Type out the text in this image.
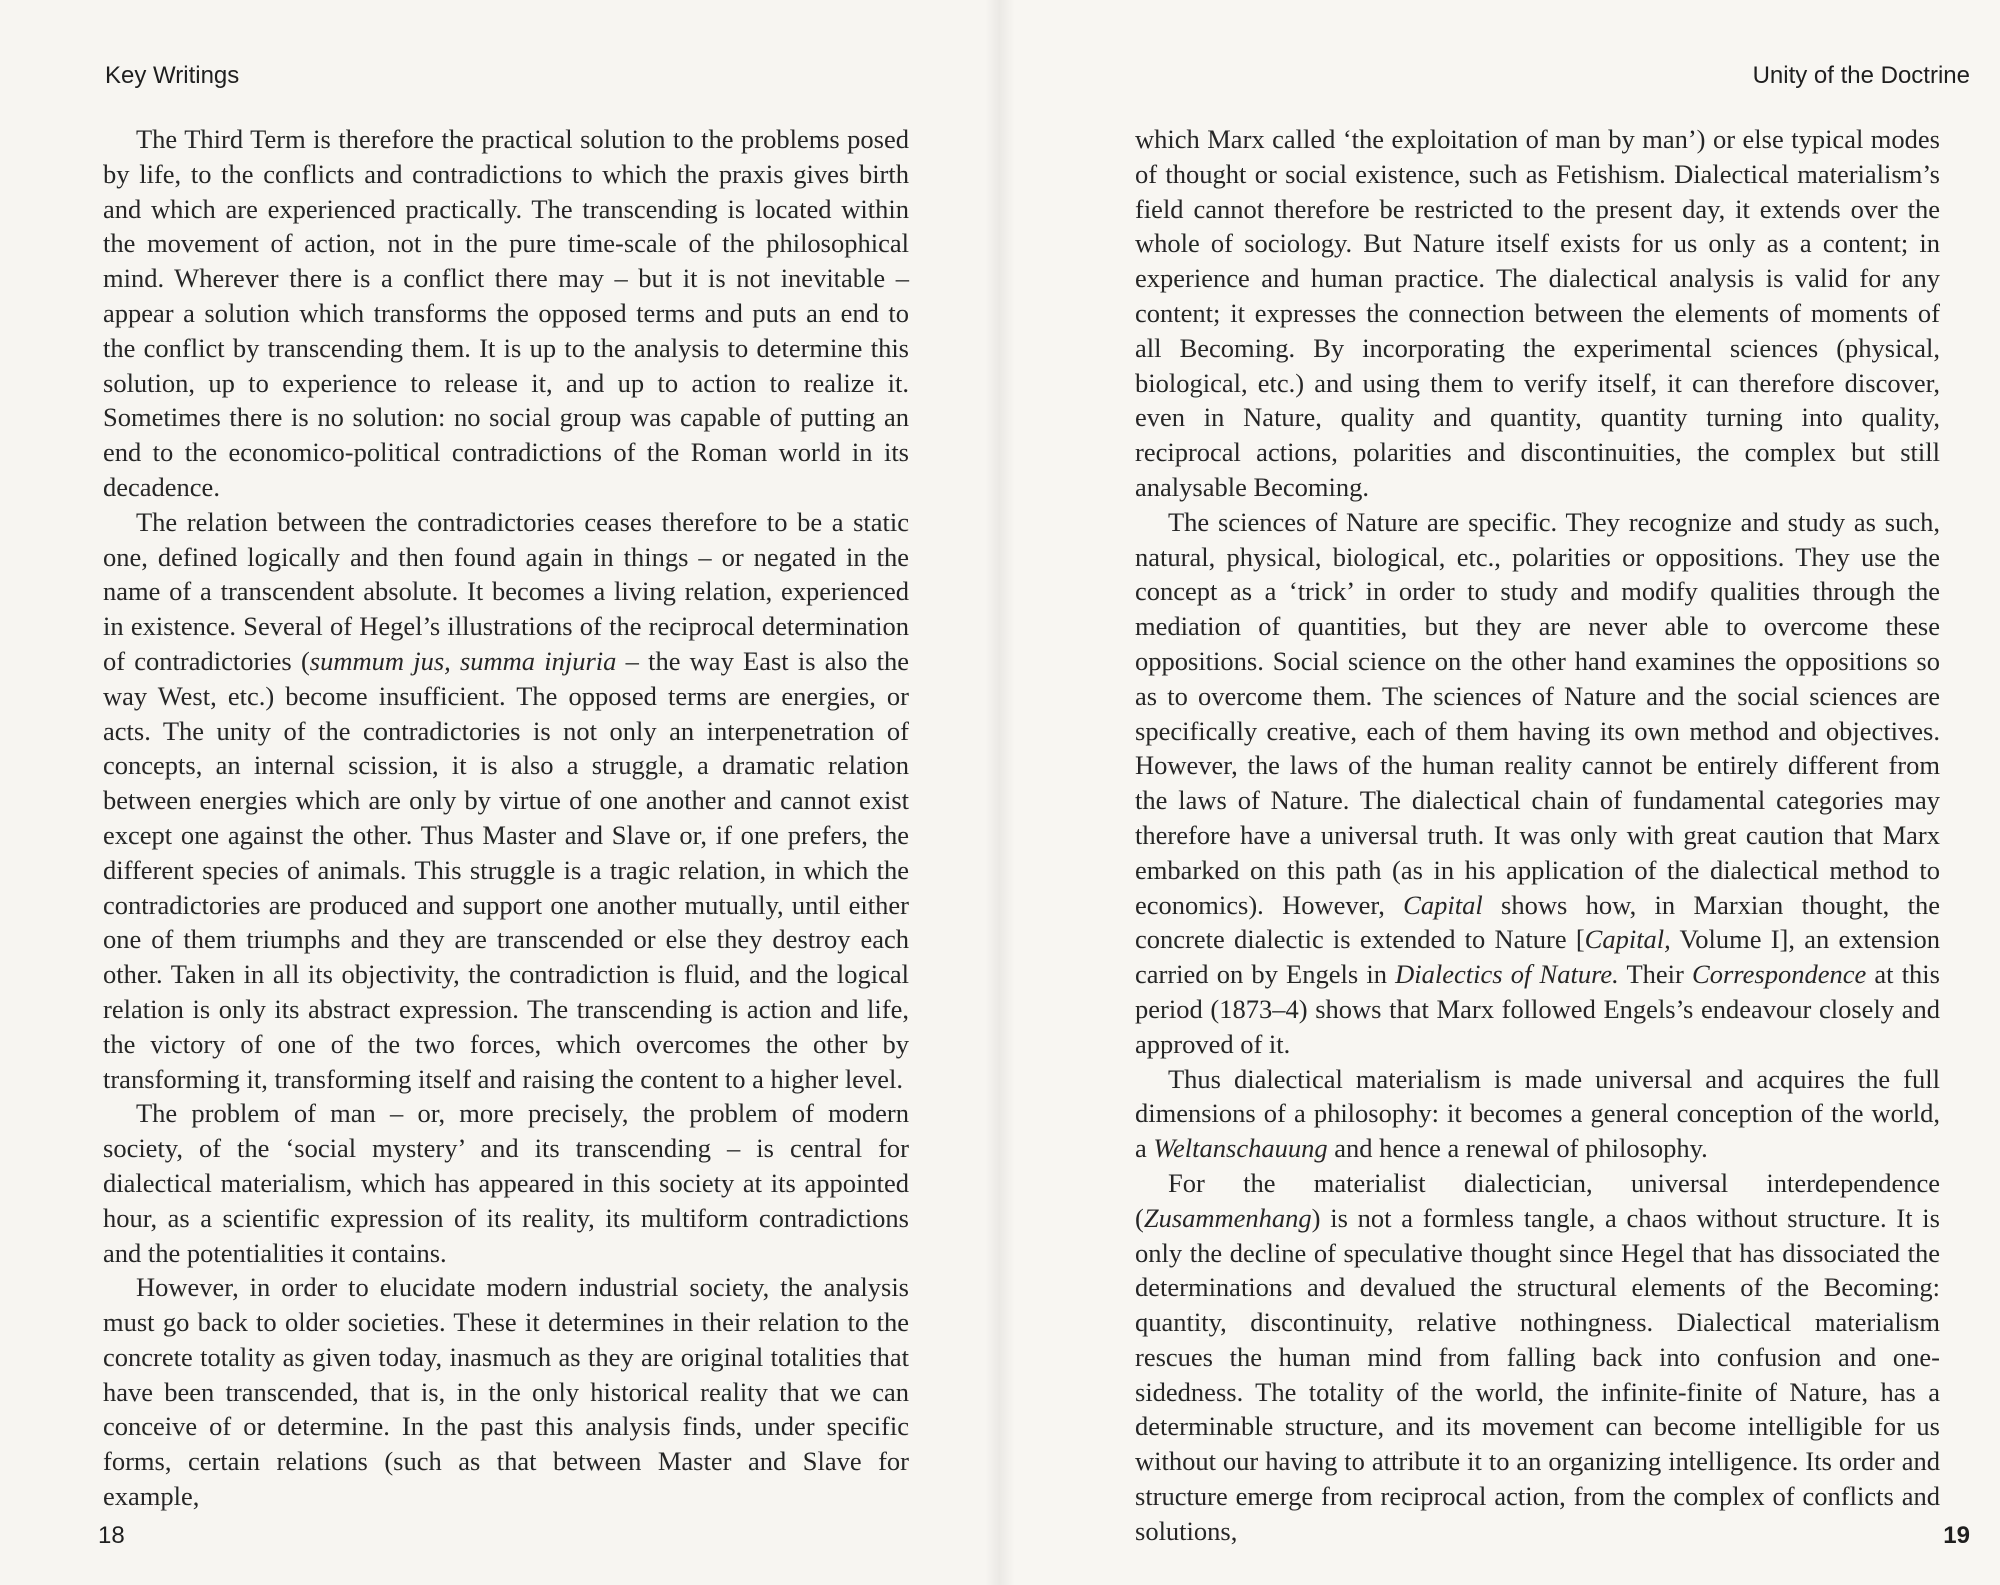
Key Writings

The Third Term is therefore the practical solution to the problems posed by life, to the conflicts and contradictions to which the praxis gives birth and which are experienced practically. The transcending is located within the movement of action, not in the pure time-scale of the philosophical mind. Wherever there is a conflict there may – but it is not inevitable – appear a solution which transforms the opposed terms and puts an end to the conflict by transcending them. It is up to the analysis to determine this solution, up to experience to release it, and up to action to realize it. Sometimes there is no solution: no social group was capable of putting an end to the economico-political contradictions of the Roman world in its decadence.

The relation between the contradictories ceases therefore to be a static one, defined logically and then found again in things – or negated in the name of a transcendent absolute. It becomes a living relation, experienced in existence. Several of Hegel’s illustrations of the reciprocal determination of contradictories (summum jus, summa injuria – the way East is also the way West, etc.) become insufficient. The opposed terms are energies, or acts. The unity of the contradictories is not only an interpenetration of concepts, an internal scission, it is also a struggle, a dramatic relation between energies which are only by virtue of one another and cannot exist except one against the other. Thus Master and Slave or, if one prefers, the different species of animals. This struggle is a tragic relation, in which the contradictories are produced and support one another mutually, until either one of them triumphs and they are transcended or else they destroy each other. Taken in all its objectivity, the contradiction is fluid, and the logical relation is only its abstract expression. The transcending is action and life, the victory of one of the two forces, which overcomes the other by transforming it, transforming itself and raising the content to a higher level.

The problem of man – or, more precisely, the problem of modern society, of the ‘social mystery’ and its transcending – is central for dialectical materialism, which has appeared in this society at its appointed hour, as a scientific expression of its reality, its multiform contradictions and the potentialities it contains.

However, in order to elucidate modern industrial society, the analysis must go back to older societies. These it determines in their relation to the concrete totality as given today, inasmuch as they are original totalities that have been transcended, that is, in the only historical reality that we can conceive of or determine. In the past this analysis finds, under specific forms, certain relations (such as that between Master and Slave for example,

18
Unity of the Doctrine

which Marx called ‘the exploitation of man by man’) or else typical modes of thought or social existence, such as Fetishism. Dialectical materialism’s field cannot therefore be restricted to the present day, it extends over the whole of sociology. But Nature itself exists for us only as a content; in experience and human practice. The dialectical analysis is valid for any content; it expresses the connection between the elements of moments of all Becoming. By incorporating the experimental sciences (physical, biological, etc.) and using them to verify itself, it can therefore discover, even in Nature, quality and quantity, quantity turning into quality, reciprocal actions, polarities and discontinuities, the complex but still analysable Becoming.

The sciences of Nature are specific. They recognize and study as such, natural, physical, biological, etc., polarities or oppositions. They use the concept as a ‘trick’ in order to study and modify qualities through the mediation of quantities, but they are never able to overcome these oppositions. Social science on the other hand examines the oppositions so as to overcome them. The sciences of Nature and the social sciences are specifically creative, each of them having its own method and objectives. However, the laws of the human reality cannot be entirely different from the laws of Nature. The dialectical chain of fundamental categories may therefore have a universal truth. It was only with great caution that Marx embarked on this path (as in his application of the dialectical method to economics). However, Capital shows how, in Marxian thought, the concrete dialectic is extended to Nature [Capital, Volume I], an extension carried on by Engels in Dialectics of Nature. Their Correspondence at this period (1873–4) shows that Marx followed Engels’s endeavour closely and approved of it.

Thus dialectical materialism is made universal and acquires the full dimensions of a philosophy: it becomes a general conception of the world, a Weltanschauung and hence a renewal of philosophy.

For the materialist dialectician, universal interdependence (Zusammenhang) is not a formless tangle, a chaos without structure. It is only the decline of speculative thought since Hegel that has dissociated the determinations and devalued the structural elements of the Becoming: quantity, discontinuity, relative nothingness. Dialectical materialism rescues the human mind from falling back into confusion and one-sidedness. The totality of the world, the infinite-finite of Nature, has a determinable structure, and its movement can become intelligible for us without our having to attribute it to an organizing intelligence. Its order and structure emerge from reciprocal action, from the complex of conflicts and solutions,	19
